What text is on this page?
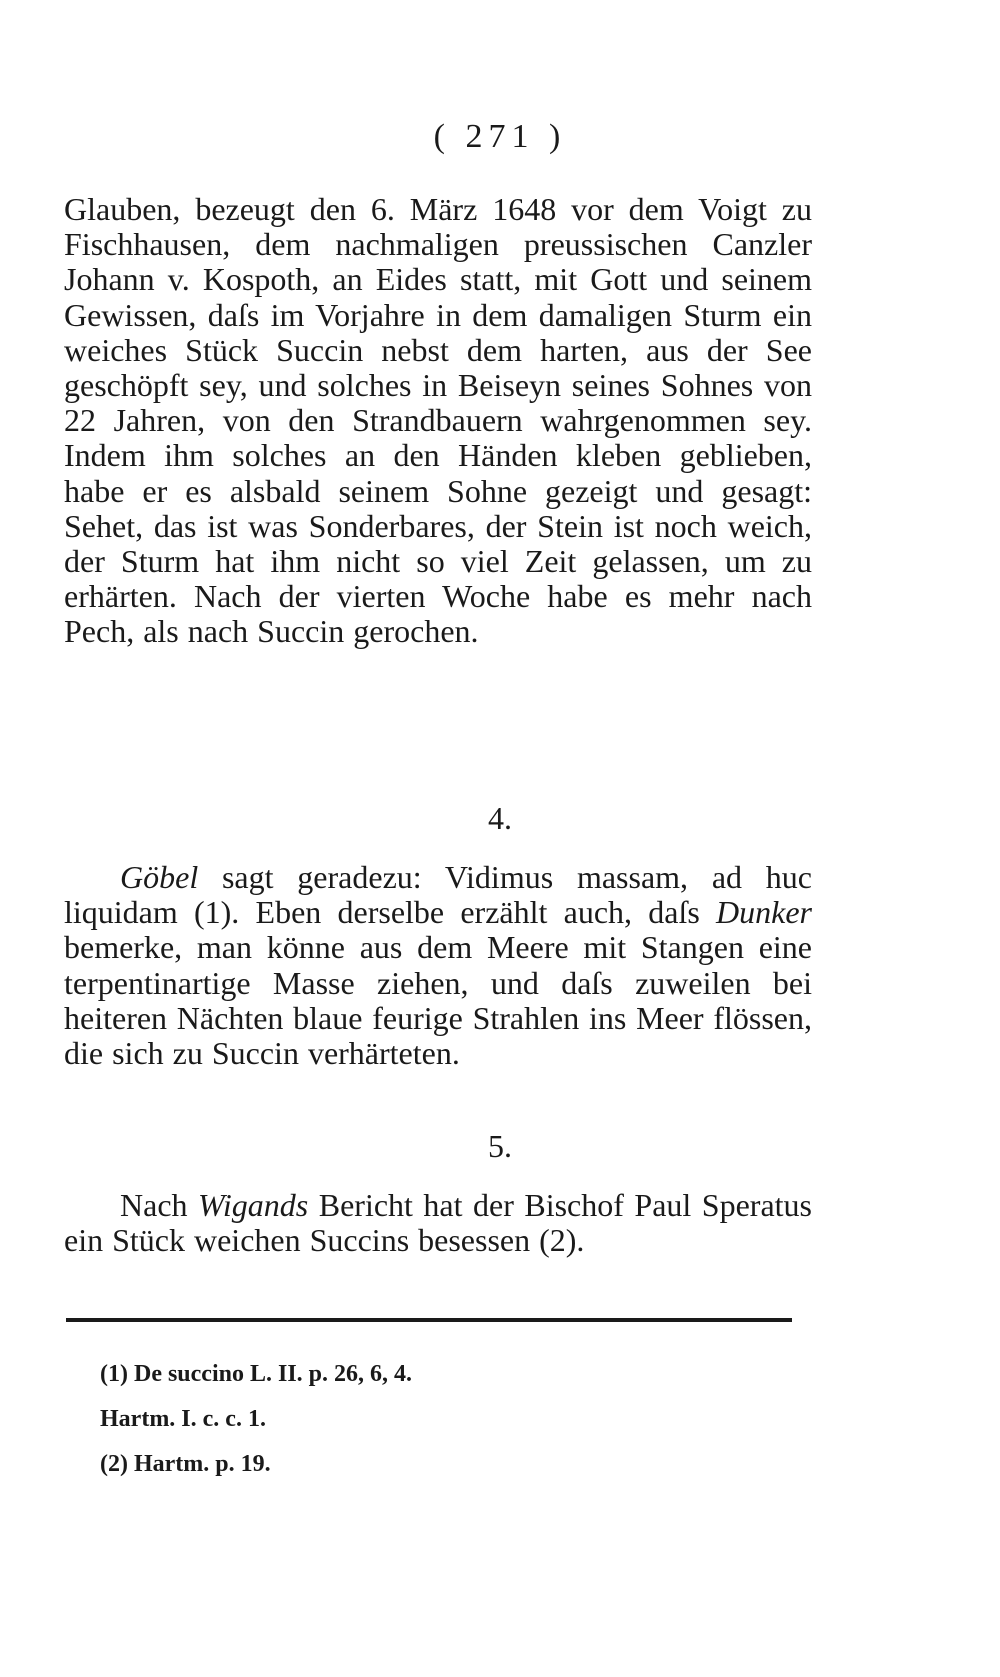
( 271 )
Glauben, bezeugt den 6. März 1648 vor dem Voigt zu Fischhausen, dem nachmaligen preussischen Canzler Johann v. Kospoth, an Eides statt, mit Gott und seinem Gewissen, daſs im Vorjahre in dem damaligen Sturm ein weiches Stück Succin nebst dem harten, aus der See geschöpft sey, und solches in Beiseyn seines Sohnes von 22 Jahren, von den Strandbauern wahrgenommen sey. Indem ihm solches an den Händen kleben geblieben, habe er es alsbald seinem Sohne gezeigt und gesagt: Sehet, das ist was Sonderbares, der Stein ist noch weich, der Sturm hat ihm nicht so viel Zeit gelassen, um zu erhärten. Nach der vierten Woche habe es mehr nach Pech, als nach Succin gerochen.
4.
Göbel sagt geradezu: Vidimus massam, ad huc liquidam (1). Eben derselbe erzählt auch, daſs Dunker bemerke, man könne aus dem Meere mit Stangen eine terpentinartige Masse ziehen, und daſs zuweilen bei heiteren Nächten blaue feurige Strahlen ins Meer flössen, die sich zu Succin verhärteten.
5.
Nach Wigands Bericht hat der Bischof Paul Speratus ein Stück weichen Succins besessen (2).
(1) De succino L. II. p. 26, 6, 4.
Hartm. I. c. c. 1.
(2) Hartm. p. 19.
